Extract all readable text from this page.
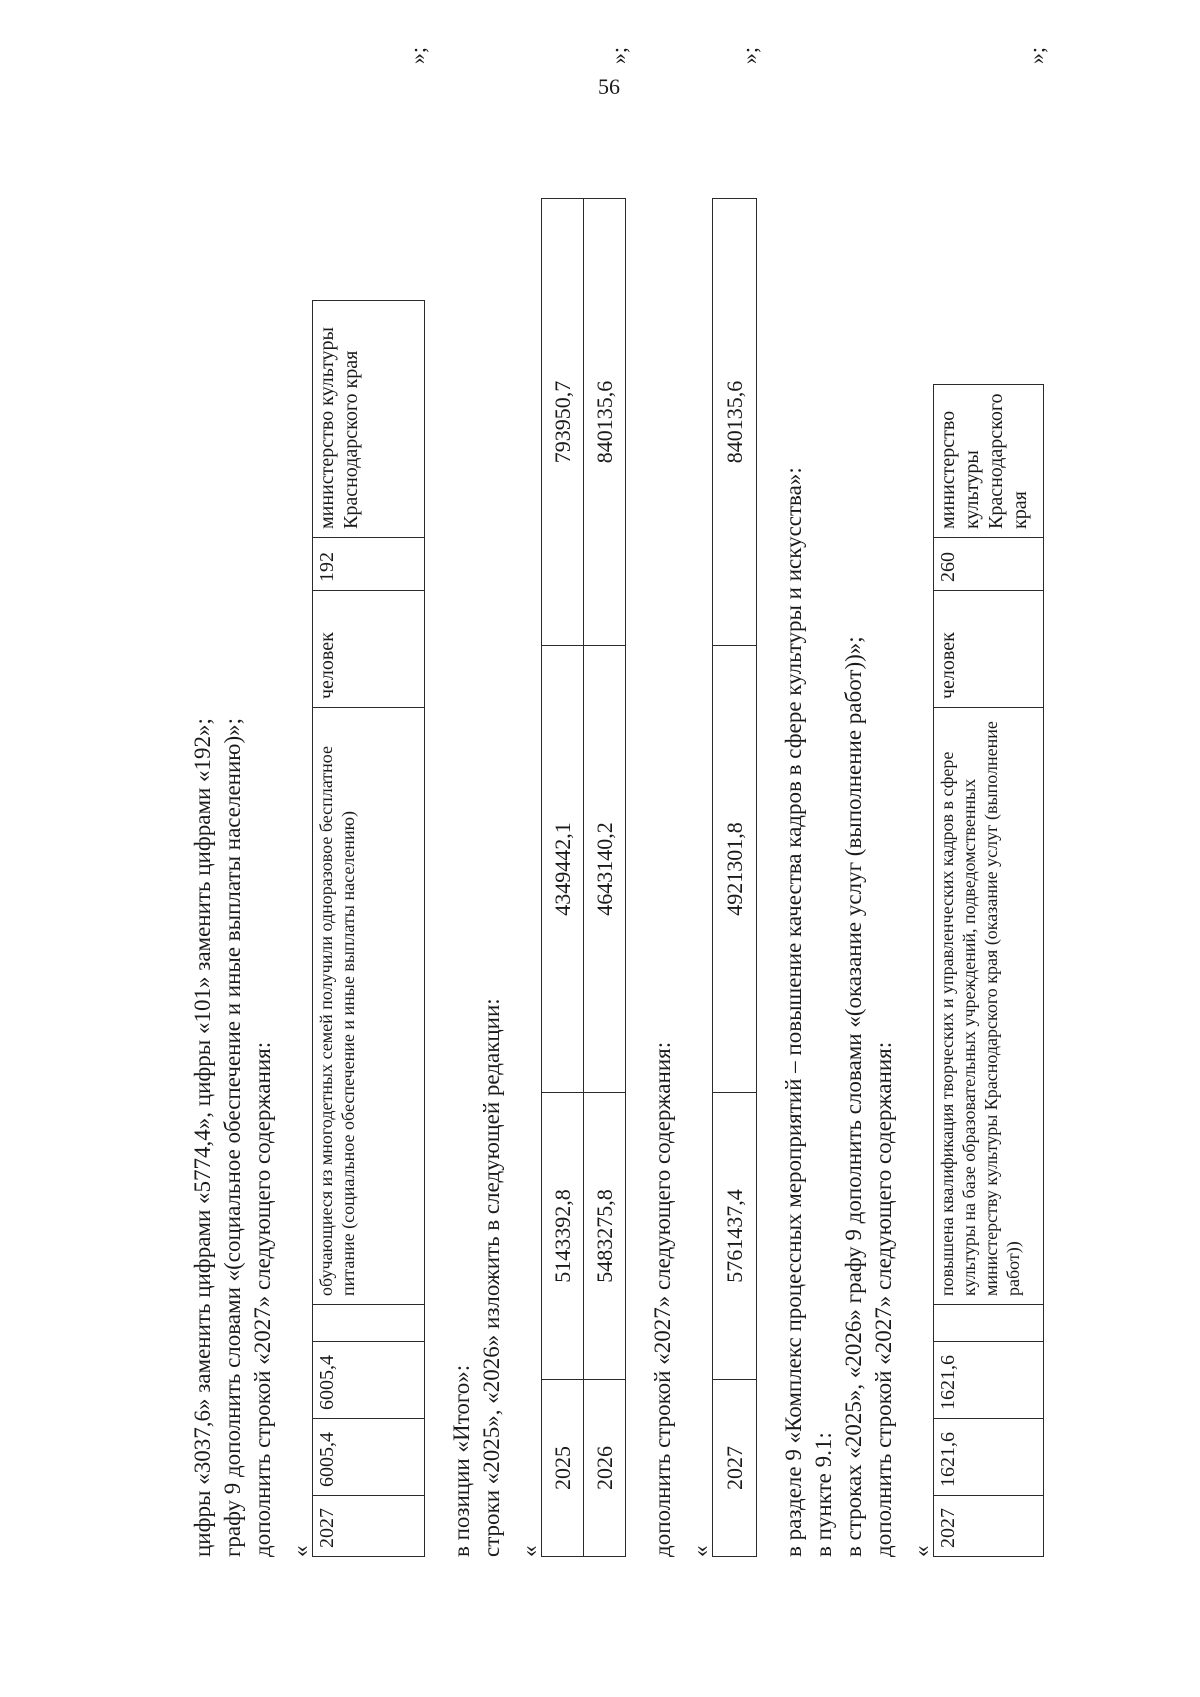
56

цифры «3037,6» заменить цифрами «5774,4», цифры «101» заменить цифрами «192»; графу 9 дополнить словами «(социальное обеспечение и иные выплаты населению)»; дополнить строкой «2027» следующего содержания: «
2027	6005,4	6005,4		обучающиеся из многодетных семей получили одноразовое бесплатное питание (социальное обеспечение и иные выплаты населению)	человек	192	министерство культуры Краснодарского края
»;

в позиции «Итого»: строки «2025», «2026» изложить в следующей редакции: «
2025	5143392,8	4349442,1	793950,7
2026	5483275,8	4643140,2	840135,6
»;

дополнить строкой «2027» следующего содержания: «
2027	5761437,4	4921301,8	840135,6
»;

в разделе 9 «Комплекс процессных мероприятий – повышение качества кадров в сфере культуры и искусства»: в пункте 9.1: в строках «2025», «2026» графу 9 дополнить словами «(оказание услуг (выполнение работ))»; дополнить строкой «2027» следующего содержания: «
2027	1621,6	1621,6		повышена квалификация творческих и управленческих кадров в сфере культуры на базе образовательных учреждений, подведомственных министерству культуры Краснодарского края (оказание услуг (выполнение работ))	человек	260	министерство культуры Краснодарского края
»;
